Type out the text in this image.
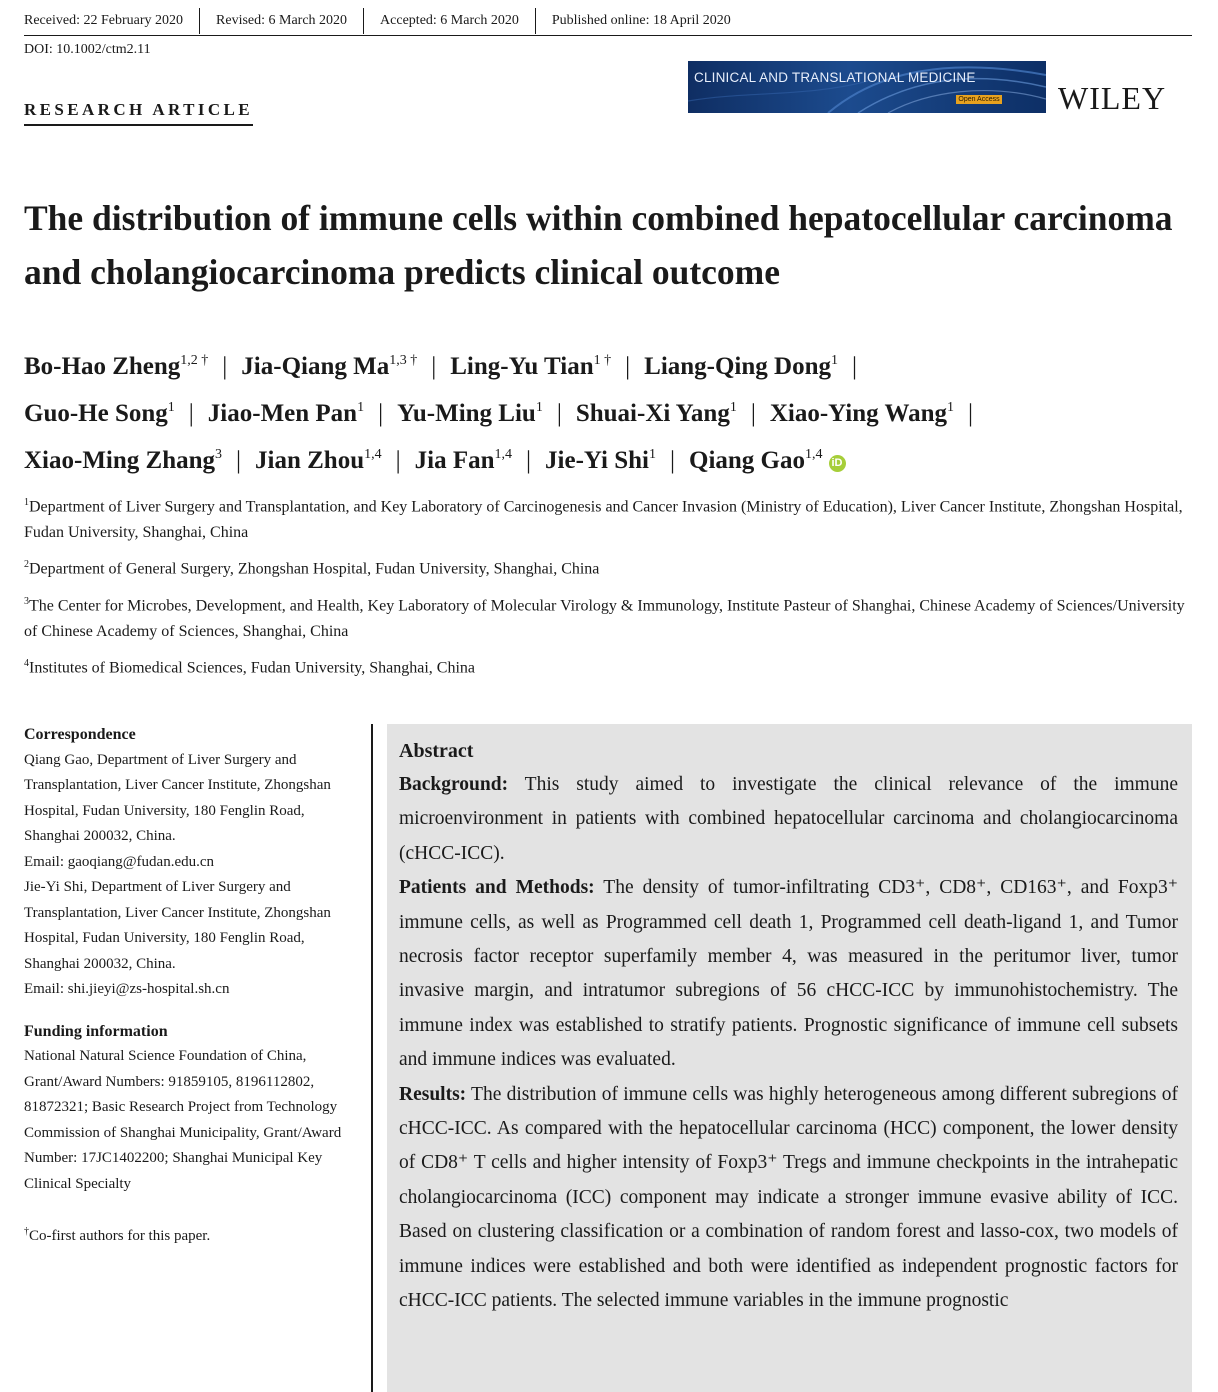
Received: 22 February 2020	Revised: 6 March 2020	Accepted: 6 March 2020	Published online: 18 April 2020
DOI: 10.1002/ctm2.11
RESEARCH ARTICLE
CLINICAL AND TRANSLATIONAL MEDICINE
Open Access WILEY
The distribution of immune cells within combined hepatocellular carcinoma and cholangiocarcinoma predicts clinical outcome
Bo-Hao Zheng$^{1,2 \dagger}$ | Jia-Qiang $Ma^{1,3 \dagger}$ | Ling-Yu Tian$^{1 \dagger}$ | Liang-Qing Dong$^1$ |
Guo-He Song$^1$ | Jiao-Men Pan$^1$ | Yu-Ming Liu$^1$ | Shuai-Xi Yang$^1$ | Xiao-Ying Wang$^1$ |
Xiao-Ming Zhang$^3$ | Jian Zhou$^{1,4}$ | Jia Fan$^{1,4}$ | Jie-Yi Shi$^1$ | Qiang Gao$^{1,4}$iD

$^1$Department of Liver Surgery and Transplantation, and Key Laboratory of Carcinogenesis and Cancer Invasion (Ministry of Education), Liver Cancer Institute, Zhongshan Hospital, Fudan University, Shanghai, China

$^2$Department of General Surgery, Zhongshan Hospital, Fudan University, Shanghai, China

$^3$The Center for Microbes, Development, and Health, Key Laboratory of Molecular Virology & Immunology, Institute Pasteur of Shanghai, Chinese Academy of Sciences/University of Chinese Academy of Sciences, Shanghai, China

$^4$Institutes of Biomedical Sciences, Fudan University, Shanghai, China

Correspondence

Qiang Gao, Department of Liver Surgery and Transplantation, Liver Cancer Institute, Zhongshan Hospital, Fudan University, 180 Fenglin Road, Shanghai 200032, China.

Email: gaoqiang@fudan.edu.cn

Jie-Yi Shi, Department of Liver Surgery and Transplantation, Liver Cancer Institute, Zhongshan Hospital, Fudan University, 180 Fenglin Road, Shanghai 200032, China.

Email: shi.jieyi@zs-hospital.sh.cn

Funding information

National Natural Science Foundation of China, Grant/Award Numbers: 91859105, 8196112802, 81872321; Basic Research Project from Technology Commission of Shanghai Municipality, Grant/Award Number: 17JC1402200; Shanghai Municipal Key Clinical Specialty

†Co-first authors for this paper.

Abstract

Background: This study aimed to investigate the clinical relevance of the immune microenvironment in patients with combined hepatocellular carcinoma and cholangiocarcinoma (cHCC-ICC).

Patients and Methods: The density of tumor-infiltrating CD3⁺, CD8⁺, CD163⁺, and Foxp3⁺ immune cells, as well as Programmed cell death 1, Programmed cell death-ligand 1, and Tumor necrosis factor receptor superfamily member 4, was measured in the peritumor liver, tumor invasive margin, and intratumor subregions of 56 cHCC-ICC by immunohistochemistry. The immune index was established to stratify patients. Prognostic significance of immune cell subsets and immune indices was evaluated.

Results: The distribution of immune cells was highly heterogeneous among different subregions of cHCC-ICC. As compared with the hepatocellular carcinoma (HCC) component, the lower density of CD8⁺ T cells and higher intensity of Foxp3⁺ Tregs and immune checkpoints in the intrahepatic cholangiocarcinoma (ICC) component may indicate a stronger immune evasive ability of ICC. Based on clustering classification or a combination of random forest and lasso-cox, two models of immune indices were established and both were identified as independent prognostic factors for cHCC-ICC patients. The selected immune variables in the immune prognostic
